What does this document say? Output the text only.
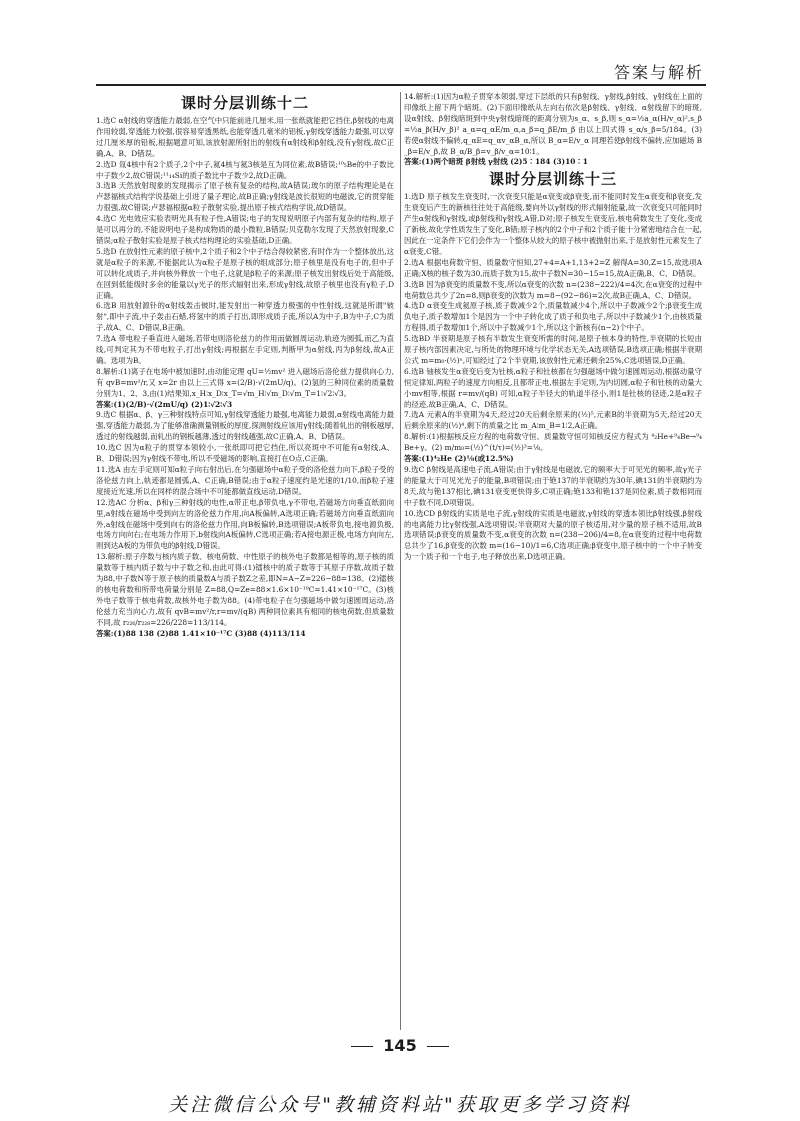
答案与解析
课时分层训练十二

1.选C α射线的穿透能力最弱,在空气中只能前进几厘米,用一张纸就能把它挡住,β射线的电离作用较弱,穿透能力较强,很容易穿透黑纸,也能穿透几毫米的铝板,γ射线穿透能力最强,可以穿过几厘米厚的铅板,根据题意可知,该放射源所射出的射线有α射线和β射线,没有γ射线,故C正确,A、B、D错误。

2.选D 氚4核中有2个质子,2个中子,氦4核与氦3核是互为同位素,故B错误;¹⁰₅Be的中子数比中子数少2,故C错误;¹¹₁₄Si的质子数比中子数少2,故D正确。

3.选B 天然放射现象的发现揭示了原子核有复杂的结构,故A错误;玻尔的原子结构理论是在卢瑟福核式结构学说基础上引进了量子理论,故B正确;γ射线是波长很短的电磁波,它的贯穿能力很强,故C错误;卢瑟福根据α粒子散射实验,提出原子核式结构学说,故D错误。

4.选C 光电效应实验表明光具有粒子性,A错误;电子的发现说明原子内部有复杂的结构,原子是可以再分的,不能说明电子是构成物质的最小微粒,B错误;贝克勒尔发现了天然放射现象,C错误;α粒子散射实验是原子核式结构理论的实验基础,D正确。

5.选D 在放射性元素的原子核中,2个质子和2个中子结合得较紧密,有时作为一个整体放出,这就是α粒子的来源,不能据此认为α粒子是原子核的组成部分;原子核里是没有电子的,但中子可以转化成质子,并向核外释放一个电子,这就是β粒子的来源;原子核发出射线后处于高能级,在回到低能级时多余的能量以γ光子的形式辐射出来,形成γ射线,故原子核里也没有γ粒子,D正确。

6.选B 用放射源钋的α射线轰击铍时,能发射出一种穿透力极强的中性射线,这就是所谓"铍射",即中子流,中子轰击石蜡,将氢中的质子打出,即形成质子流,所以A为中子,B为中子,C为质子,故A、C、D错误,B正确。

7.选A 带电粒子垂直进入磁场,若带电则洛伦兹力的作用而做圆周运动,轨迹为圆弧,而乙为直线,可判定其为不带电粒子,打出γ射线;再根据左手定则,判断甲为α射线,丙为β射线,故A正确。选项为B。

8.解析:(1)离子在电场中被加速时,由动能定理 qU=½mv² 进入磁场后洛伦兹力提供向心力,有 qvB=mv²/r,又 x=2r 由以上三式得 x=(2/B)·√(2mU/q)。(2)氢的三种同位素的质量数分别为1、2、3,由(1)结果知,x_H∶x_D∶x_T=√m_H∶√m_D∶√m_T=1∶√2∶√3。

答案:(1)(2/B)·√(2mU/q) (2)1∶√2∶√3

9.选C 根据α、β、γ三种射线特点可知,γ射线穿透能力最强,电离能力最弱,α射线电离能力最强,穿透能力最弱,为了能够准确测量钢板的厚度,探测射线应该用γ射线;随着轧出的钢板越厚,透过的射线越弱,而轧出的钢板越薄,透过的射线越强,故C正确,A、B、D错误。

10.选C 因为α粒子的贯穿本领较小,一张纸即可把它挡住,所以亮斑中不可能有α射线,A、B、D错误;因为γ射线不带电,所以不受磁场的影响,直接打在O点,C正确。

11.选A 由左手定则可知α粒子向右射出后,在匀强磁场中α粒子受的洛伦兹力向下,β粒子受的洛伦兹力向上,轨迹都是圆弧,A、C正确,B错误;由于α粒子速度约是光速的1/10,而β粒子速度接近光速,所以在同样的混合场中不可能都做直线运动,D错误。

12.选AC 分析α、β和γ三种射线的电性,α带正电,β带负电,γ不带电,若磁场方向垂直纸面向里,a射线在磁场中受到向左的洛伦兹力作用,向A板偏转,A选项正确;若磁场方向垂直纸面向外,a射线在磁场中受到向右的洛伦兹力作用,向B板偏转,B选项错误;A板带负电,接电源负极,电场方向向右;在电场力作用下,b射线向A板偏转,C选项正确;若A接电源正极,电场方向向左,则到达A板的为带负电的β射线,D错误。

13.解析:原子序数与核内质子数、核电荷数、中性原子的核外电子数都是相等的,原子核的质量数等于核内质子数与中子数之和,由此可得:(1)镭核中的质子数等于其原子序数,故质子数为88,中子数N等于原子核的质量数A与质子数Z之差,即N=A−Z=226−88=138。(2)镭核的核电荷数和所带电荷量分别是 Z=88,Q=Ze=88×1.6×10⁻¹⁹C=1.41×10⁻¹⁷C。(3)核外电子数等于核电荷数,故核外电子数为88。(4)带电粒子在匀强磁场中做匀速圆周运动,洛伦兹力充当向心力,故有 qvB=mv²/r,r=mv/(qB) 两种同位素具有相同的核电荷数,但质量数不同,故 r₂₂₆/r₂₂₈=226/228=113/114。

答案:(1)88 138 (2)88 1.41×10⁻¹⁷C (3)88 (4)113/114

14.解析:(1)因为α粒子贯穿本领弱,穿过下层纸的只有β射线、γ射线,β射线、γ射线在上面的印像纸上留下两个暗斑。(2)下面印像纸从左向右依次是β射线、γ射线、α射线留下的暗斑,设α射线、β射线暗斑到中央γ射线暗斑的距离分别为s_α、s_β,则 s_α=½a_α(H/v_α)²,s_β=½a_β(H/v_β)² a_α=q_αE/m_α,a_β=q_βE/m_β 由以上四式得 s_α/s_β=5/184。(3)若使α射线不偏转,q_αE=q_αv_αB_α,所以 B_α=E/v_α 同理若使β射线不偏转,应加磁场 B_β=E/v_β,故 B_α/B_β=v_β/v_α=10∶1。

答案:(1)两个暗斑 β射线 γ射线 (2)5∶184 (3)10∶1

课时分层训练十三

1.选D 原子核发生衰变时,一次衰变只能是α衰变或β衰变,而不能同时发生α衰变和β衰变,发生衰变后产生的新核往往处于高能级,要向外以γ射线的形式辐射能量,故一次衰变只可能同时产生α射线和γ射线,或β射线和γ射线,A错,D对;原子核发生衰变后,核电荷数发生了变化,变成了新核,故化学性质发生了变化,B错;原子核内的2个中子和2个质子能十分紧密地结合在一起,因此在一定条件下它们会作为一个整体从较大的原子核中被抛射出来,于是放射性元素发生了α衰变,C错。

2.选A 根据电荷数守恒、质量数守恒知,27+4=A+1,13+2=Z 解得A=30,Z=15,故选项A正确;X核的核子数为30,而质子数为15,故中子数N=30−15=15,故A正确,B、C、D错误。

3.选B 因为β衰变的质量数不变,所以α衰变的次数 n=(238−222)/4=4次,在α衰变的过程中电荷数总共少了2n=8,则β衰变的次数为 m=8−(92−86)=2次,故B正确,A、C、D错误。

4.选D α衰变生成氦原子核,质子数减少2个,质量数减少4个,所以中子数减少2个;β衰变生成负电子,质子数增加1个是因为一个中子转化成了质子和负电子,所以中子数减少1个,由核质量方程得,质子数增加1个,所以中子数减少1个,所以这个新核有(n−2)个中子。

5.选BD 半衰期是原子核有半数发生衰变所需的时间,是原子核本身的特性,半衰期的长短由原子核内部因素决定,与所处的物理环境与化学状态无关,A选项错误,B选项正确;根据半衰期公式 m=m₀·(½)ⁿ,可知经过了2个半衰期,该放射性元素还剩余25%,C选项错误,D正确。

6.选B 铀核发生α衰变后变为钍核,α粒子和钍核都在匀强磁场中做匀速圆周运动,根据动量守恒定律知,两粒子的速度方向相反,且都带正电,根据左手定则,为内切圆,α粒子和钍核的动量大小mv相等,根据 r=mv/(qB) 可知,α粒子半径大的轨道半径小,则1是钍核的径迹,2是α粒子的径迹,故B正确,A、C、D错误。

7.选A 元素A的半衰期为4天,经过20天后剩余原来的(½)⁵,元素B的半衰期为5天,经过20天后剩余原来的(½)⁴,剩下的质量之比 m_A∶m_B=1∶2,A正确。

8.解析:(1)根据核反应方程的电荷数守恒、质量数守恒可知核反应方程式为 ⁴₂He+⁹₄Be→⁹₄Be+γ。(2) m/m₀=(½)^(t/τ)=(½)³=⅛。

答案:(1)⁴₂He (2)⅛(或12.5%)

9.选C β射线是高速电子流,A错误;由于γ射线是电磁波,它的频率大于可见光的频率,故γ光子的能量大于可见光光子的能量,B项错误;由于铯137的半衰期约为30年,碘131的半衰期约为8天,故与铯137相比,碘131衰变更快得多,C项正确;铯133和铯137是同位素,质子数相同而中子数不同,D项错误。

10.选CD β射线的实质是电子流,γ射线的实质是电磁波,γ射线的穿透本领比β射线强,β射线的电离能力比γ射线强,A选项错误;半衰期对大量的原子核适用,对少量的原子核不适用,故B选项错误;β衰变的质量数不变,α衰变的次数 n=(238−206)/4=8,在α衰变的过程中电荷数总共少了16,β衰变的次数 m=(16−10)/1=6,C选项正确;β衰变中,原子核中的一个中子转变为一个质子和一个电子,电子释放出来,D选项正确。

145
关注微信公众号"教辅资料站"获取更多学习资料
